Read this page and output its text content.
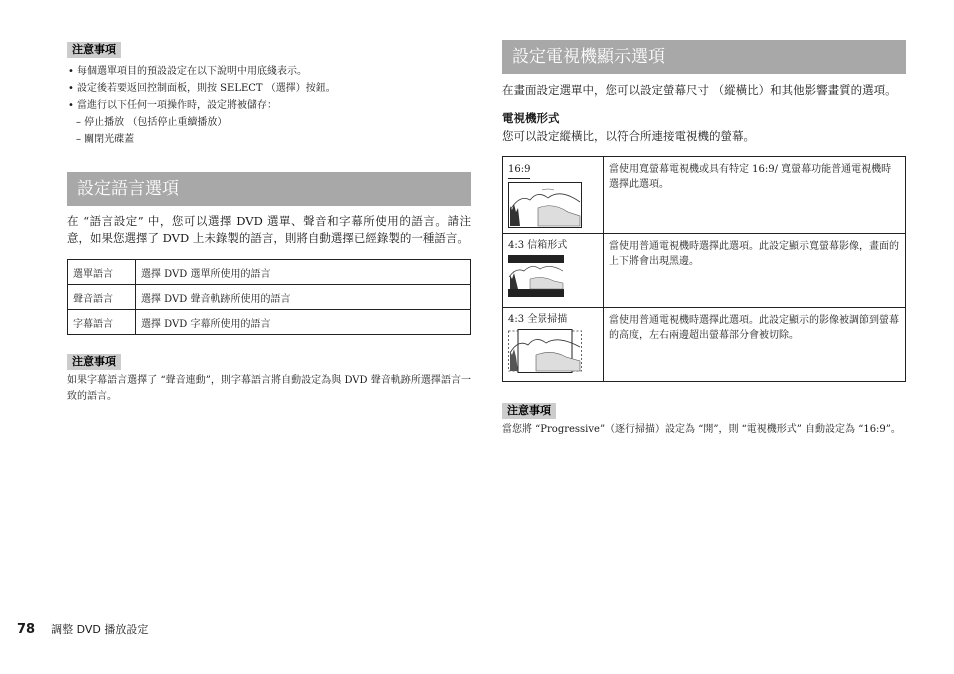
注意事項
• 每個選單項目的預設設定在以下說明中用底綫表示。
• 設定後若要返回控制面板，則按 SELECT （選擇）按鈕。
• 當進行以下任何一項操作時，設定將被儲存：
– 停止播放 （包括停止重續播放）
– 關閉光碟蓋
設定語言選項

在 “語言設定” 中，您可以選擇 DVD 選單、聲音和字幕所使用的語言。請注意，如果您選擇了 DVD 上未錄製的語言，則將自動選擇已經錄製的一種語言。

選單語言	選擇 DVD 選單所使用的語言
聲音語言	選擇 DVD 聲音軌跡所使用的語言
字幕語言	選擇 DVD 字幕所使用的語言
注意事項

如果字幕語言選擇了 “聲音連動”，則字幕語言將自動設定為與 DVD 聲音軌跡所選擇語言一致的語言。

設定電視機顯示選項

在畫面設定選單中，您可以設定螢幕尺寸 （縱橫比）和其他影響畫質的選項。

電視機形式

您可以設定縱橫比，以符合所連接電視機的螢幕。

16:9	當使用寬螢幕電視機或具有特定 16:9/ 寬螢幕功能普通電視機時選擇此選項。

4:3 信箱形式	當使用普通電視機時選擇此選項。此設定顯示寬螢幕影像，畫面的上下將會出現黑邊。

4:3 全景掃描	當使用普通電視機時選擇此選項。此設定顯示的影像被調節到螢幕的高度，左右兩邊超出螢幕部分會被切除。
注意事項

當您將 “Progressive”（逐行掃描）設定為 “開”，則 “電視機形式” 自動設定為 “16:9”。

78 調整 DVD 播放設定
